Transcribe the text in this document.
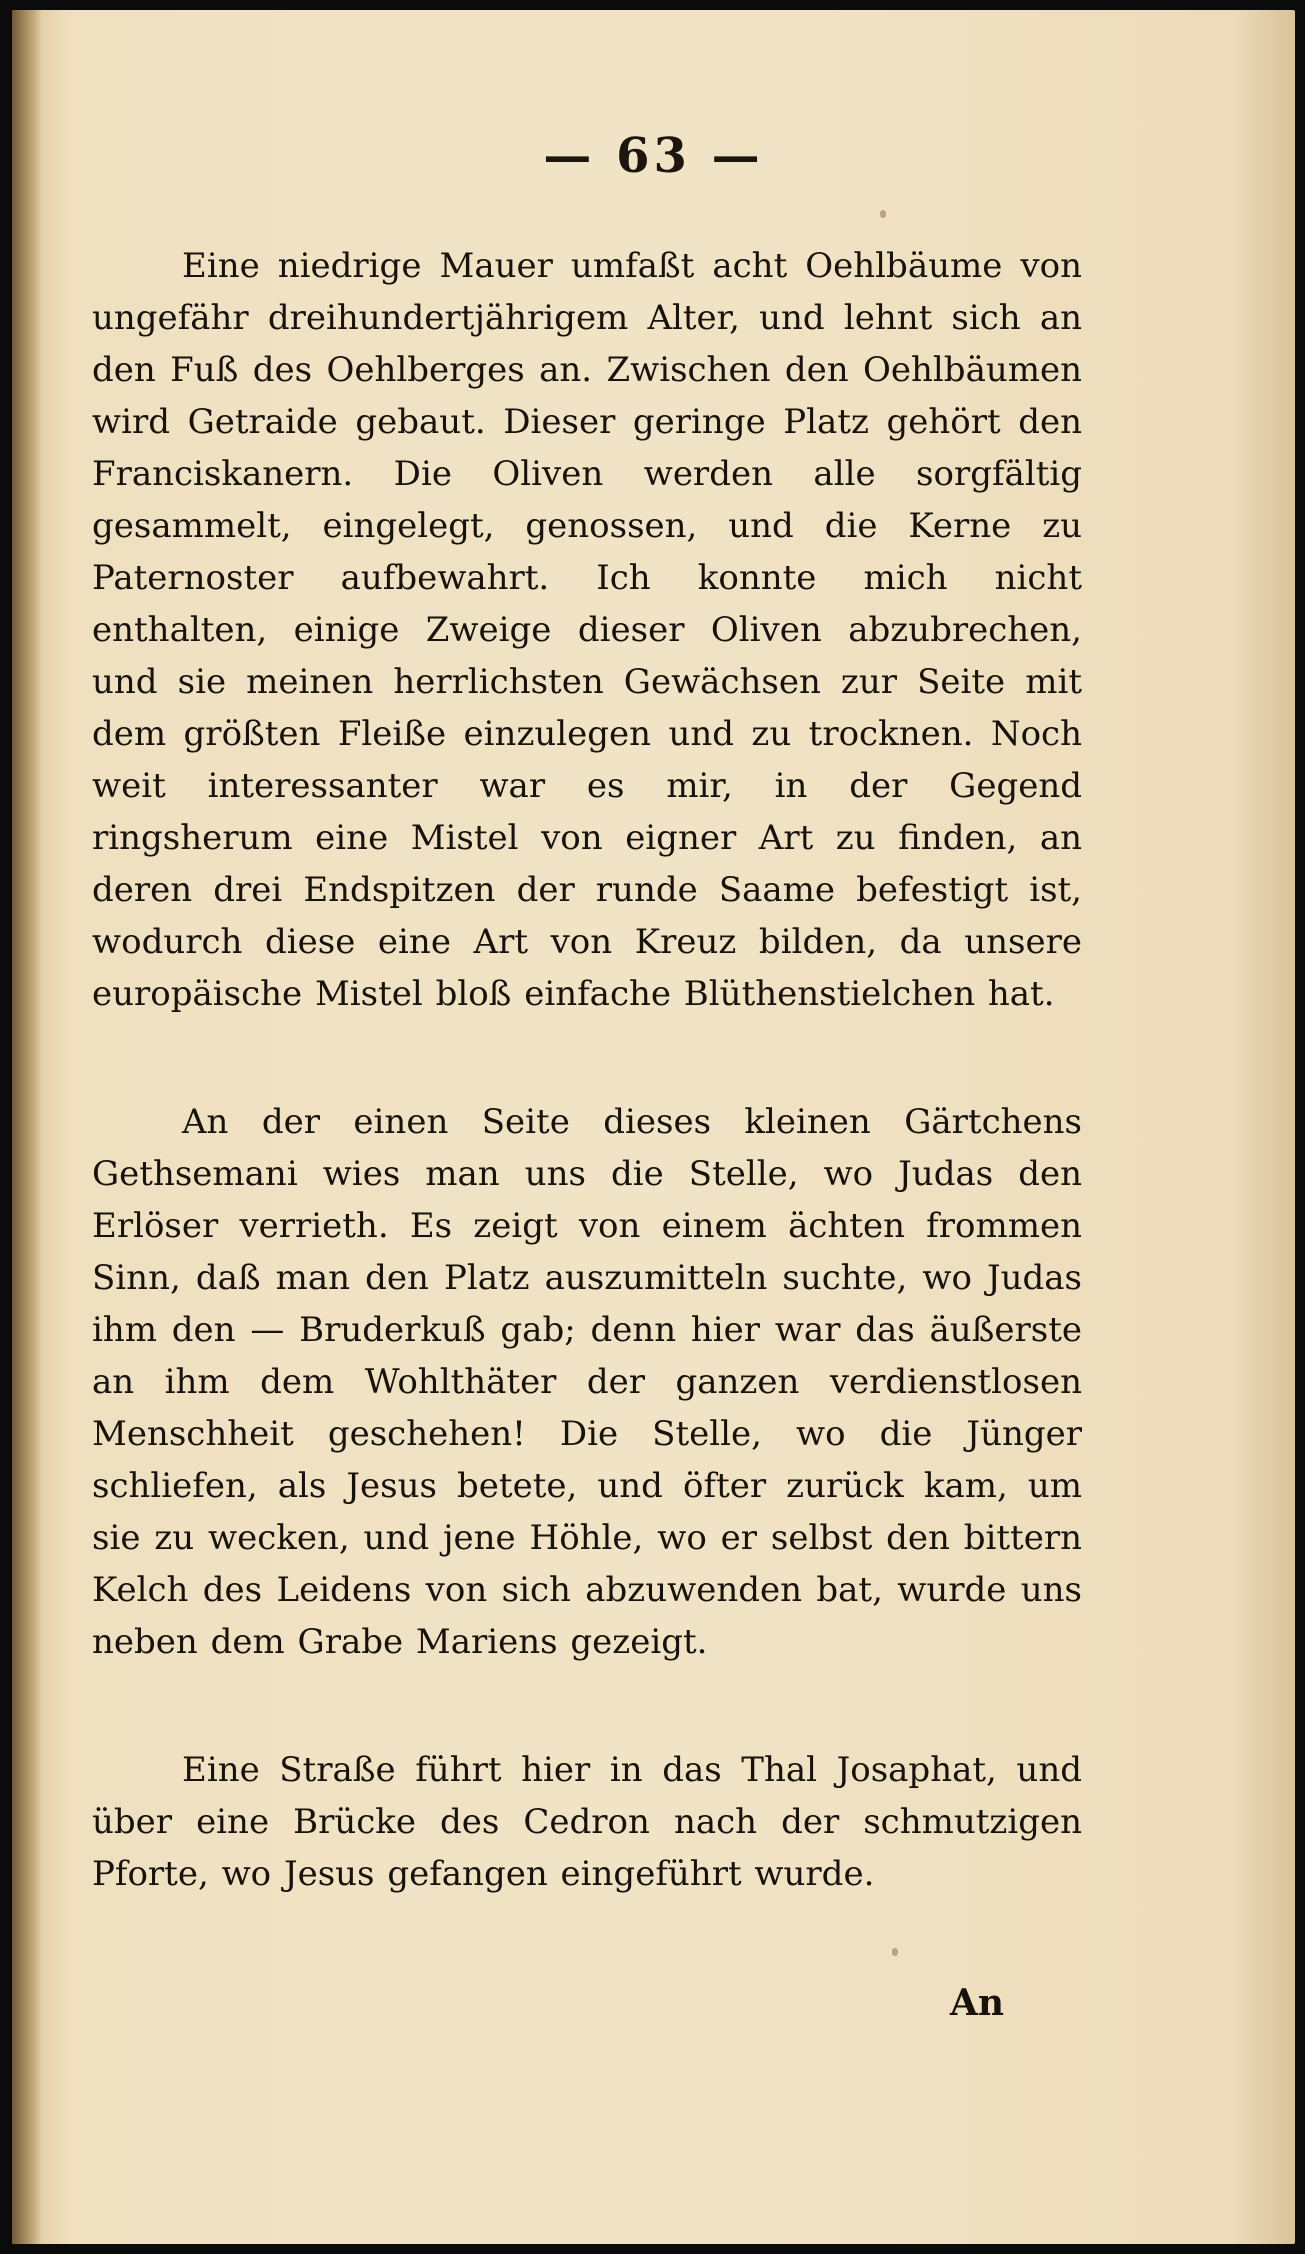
— 63 —

Eine niedrige Mauer umfaßt acht Oehlbäume von ungefähr dreihundertjährigem Alter, und lehnt sich an den Fuß des Oehlberges an. Zwischen den Oehlbäumen wird Getraide gebaut. Dieser geringe Platz gehört den Franciskanern. Die Oliven werden alle sorgfältig gesammelt, eingelegt, genossen, und die Kerne zu Paternoster aufbewahrt. Ich konnte mich nicht enthalten, einige Zweige dieser Oliven abzubrechen, und sie meinen herrlichsten Gewächsen zur Seite mit dem größten Fleiße einzulegen und zu trocknen. Noch weit interessanter war es mir, in der Gegend ringsherum eine Mistel von eigner Art zu finden, an deren drei Endspitzen der runde Saame befestigt ist, wodurch diese eine Art von Kreuz bilden, da unsere europäische Mistel bloß einfache Blüthenstielchen hat.

An der einen Seite dieses kleinen Gärtchens Gethsemani wies man uns die Stelle, wo Judas den Erlöser verrieth. Es zeigt von einem ächten frommen Sinn, daß man den Platz auszumitteln suchte, wo Judas ihm den — Bruderkuß gab; denn hier war das äußerste an ihm dem Wohlthäter der ganzen verdienstlosen Menschheit geschehen! Die Stelle, wo die Jünger schliefen, als Jesus betete, und öfter zurück kam, um sie zu wecken, und jene Höhle, wo er selbst den bittern Kelch des Leidens von sich abzuwenden bat, wurde uns neben dem Grabe Mariens gezeigt.

Eine Straße führt hier in das Thal Josaphat, und über eine Brücke des Cedron nach der schmutzigen Pforte, wo Jesus gefangen eingeführt wurde.

An
